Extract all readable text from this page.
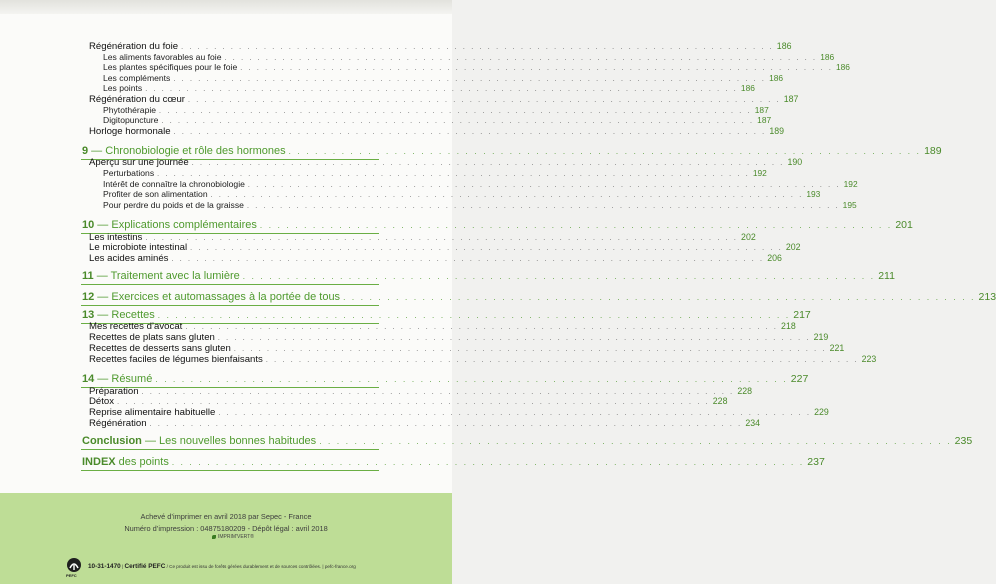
Régénération du foie . . . . . . . . . . . . . . . . . . . . . . . . . . . . . . . . . . . . . . . . . . . . . . . . . . . . . . . . . . . . . . . . . . . . . . . . 186
Les aliments favorables au foie . . . . . . . . . . . . . . . . . . . . . . . . . . . . . . . . . . . . . . . . . . . . . . . . . . . . . . . . . . . . . . . . . . . . . . . . 186
Les plantes spécifiques pour le foie . . . . . . . . . . . . . . . . . . . . . . . . . . . . . . . . . . . . . . . . . . . . . . . . . . . . . . . . . . . . . . . . . . . . . . . . 186
Les compléments . . . . . . . . . . . . . . . . . . . . . . . . . . . . . . . . . . . . . . . . . . . . . . . . . . . . . . . . . . . . . . . . . . . . . . . . 186
Les points . . . . . . . . . . . . . . . . . . . . . . . . . . . . . . . . . . . . . . . . . . . . . . . . . . . . . . . . . . . . . . . . . . . . . . . . 186
Régénération du cœur . . . . . . . . . . . . . . . . . . . . . . . . . . . . . . . . . . . . . . . . . . . . . . . . . . . . . . . . . . . . . . . . . . . . . . . . 187
Phytothérapie . . . . . . . . . . . . . . . . . . . . . . . . . . . . . . . . . . . . . . . . . . . . . . . . . . . . . . . . . . . . . . . . . . . . . . . . 187
Digitopuncture . . . . . . . . . . . . . . . . . . . . . . . . . . . . . . . . . . . . . . . . . . . . . . . . . . . . . . . . . . . . . . . . . . . . . . . . 187
Horloge hormonale . . . . . . . . . . . . . . . . . . . . . . . . . . . . . . . . . . . . . . . . . . . . . . . . . . . . . . . . . . . . . . . . . . . . . . . . 189
9 — Chronobiologie et rôle des hormones . . . . . . . . . . . . . . . . . . . . . . . . . . . . . . . . . . . . . . . . . . . . . . . . . . . . . . . . . . . . . . . . . . . . . . . . 189
Aperçu sur une journée . . . . . . . . . . . . . . . . . . . . . . . . . . . . . . . . . . . . . . . . . . . . . . . . . . . . . . . . . . . . . . . . . . . . . . . . 190
Perturbations . . . . . . . . . . . . . . . . . . . . . . . . . . . . . . . . . . . . . . . . . . . . . . . . . . . . . . . . . . . . . . . . . . . . . . . . 192
Intérêt de connaître la chronobiologie . . . . . . . . . . . . . . . . . . . . . . . . . . . . . . . . . . . . . . . . . . . . . . . . . . . . . . . . . . . . . . . . . . . . . . . . 192
Profiter de son alimentation . . . . . . . . . . . . . . . . . . . . . . . . . . . . . . . . . . . . . . . . . . . . . . . . . . . . . . . . . . . . . . . . . . . . . . . . 193
Pour perdre du poids et de la graisse . . . . . . . . . . . . . . . . . . . . . . . . . . . . . . . . . . . . . . . . . . . . . . . . . . . . . . . . . . . . . . . . . . . . . . . . 195
10 — Explications complémentaires . . . . . . . . . . . . . . . . . . . . . . . . . . . . . . . . . . . . . . . . . . . . . . . . . . . . . . . . . . . . . . . . . . . . . . . . 201
Les intestins . . . . . . . . . . . . . . . . . . . . . . . . . . . . . . . . . . . . . . . . . . . . . . . . . . . . . . . . . . . . . . . . . . . . . . . . 202
Le microbiote intestinal . . . . . . . . . . . . . . . . . . . . . . . . . . . . . . . . . . . . . . . . . . . . . . . . . . . . . . . . . . . . . . . . . . . . . . . . 202
Les acides aminés . . . . . . . . . . . . . . . . . . . . . . . . . . . . . . . . . . . . . . . . . . . . . . . . . . . . . . . . . . . . . . . . . . . . . . . . 206
11 — Traitement avec la lumière . . . . . . . . . . . . . . . . . . . . . . . . . . . . . . . . . . . . . . . . . . . . . . . . . . . . . . . . . . . . . . . . . . . . . . . . 211
12 — Exercices et automassages à la portée de tous . . . . . . . . . . . . . . . . . . . . . . . . . . . . . . . . . . . . . . . . . . . . . . . . . . . . . . . . . . . . . . . . . . . . . . . . 213
13 — Recettes . . . . . . . . . . . . . . . . . . . . . . . . . . . . . . . . . . . . . . . . . . . . . . . . . . . . . . . . . . . . . . . . . . . . . . . . 217
Mes recettes d’avocat . . . . . . . . . . . . . . . . . . . . . . . . . . . . . . . . . . . . . . . . . . . . . . . . . . . . . . . . . . . . . . . . . . . . . . . . 218
Recettes de plats sans gluten . . . . . . . . . . . . . . . . . . . . . . . . . . . . . . . . . . . . . . . . . . . . . . . . . . . . . . . . . . . . . . . . . . . . . . . . 219
Recettes de desserts sans gluten . . . . . . . . . . . . . . . . . . . . . . . . . . . . . . . . . . . . . . . . . . . . . . . . . . . . . . . . . . . . . . . . . . . . . . . . 221
Recettes faciles de légumes bienfaisants . . . . . . . . . . . . . . . . . . . . . . . . . . . . . . . . . . . . . . . . . . . . . . . . . . . . . . . . . . . . . . . . . . . . . . . . 223
14 — Résumé . . . . . . . . . . . . . . . . . . . . . . . . . . . . . . . . . . . . . . . . . . . . . . . . . . . . . . . . . . . . . . . . . . . . . . . . 227
Préparation . . . . . . . . . . . . . . . . . . . . . . . . . . . . . . . . . . . . . . . . . . . . . . . . . . . . . . . . . . . . . . . . . . . . . . . . 228
Détox . . . . . . . . . . . . . . . . . . . . . . . . . . . . . . . . . . . . . . . . . . . . . . . . . . . . . . . . . . . . . . . . . . . . . . . . 228
Reprise alimentaire habituelle . . . . . . . . . . . . . . . . . . . . . . . . . . . . . . . . . . . . . . . . . . . . . . . . . . . . . . . . . . . . . . . . . . . . . . . . 229
Régénération . . . . . . . . . . . . . . . . . . . . . . . . . . . . . . . . . . . . . . . . . . . . . . . . . . . . . . . . . . . . . . . . . . . . . . . . 234
Conclusion — Les nouvelles bonnes habitudes . . . . . . . . . . . . . . . . . . . . . . . . . . . . . . . . . . . . . . . . . . . . . . . . . . . . . . . . . . . . . . . . . . . . . . . . 235
INDEX des points . . . . . . . . . . . . . . . . . . . . . . . . . . . . . . . . . . . . . . . . . . . . . . . . . . . . . . . . . . . . . . . . . . . . . . . . 237
Achevé d’imprimer en avril 2018 par Sepec - France
Numéro d’impression : 04875180209 - Dépôt légal : avril 2018
IMPRIM'VERT®
PEFC
10-31-1470 | Certifié PEFC / Ce produit est issu de forêts gérées durablement et de sources contrôlées. | pefc-france.org
